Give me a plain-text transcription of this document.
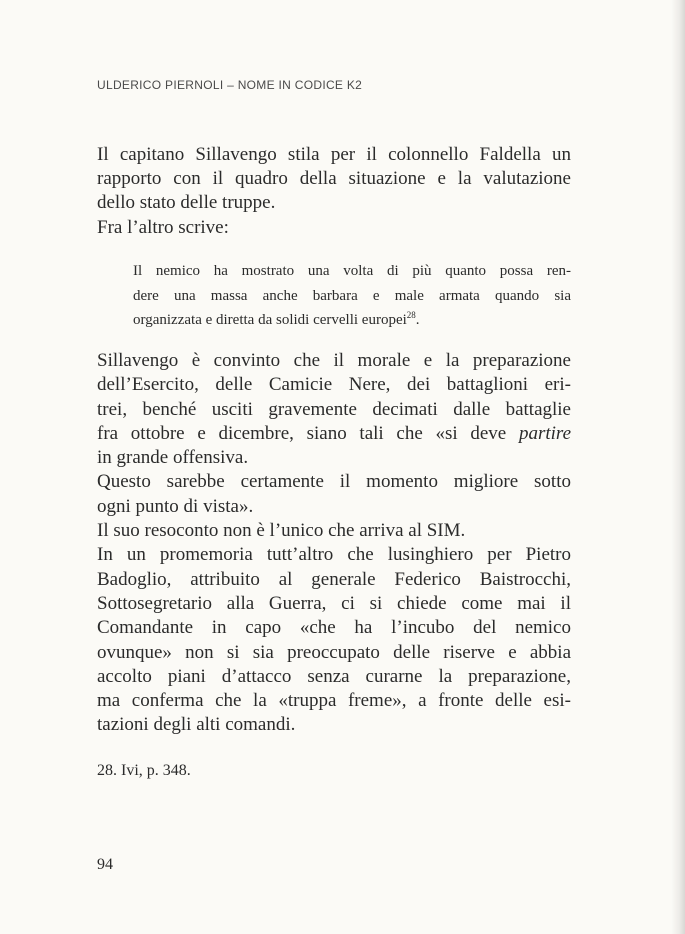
ULDERICO PIERNOLI – NOME IN CODICE K2
Il capitano Sillavengo stila per il colonnello Faldella un
rapporto con il quadro della situazione e la valutazione
dello stato delle truppe.
Fra l’altro scrive:
Il nemico ha mostrato una volta di più quanto possa ren-
dere una massa anche barbara e male armata quando sia
organizzata e diretta da solidi cervelli europei$^{28}$.
Sillavengo è convinto che il morale e la preparazione
dell’Esercito, delle Camicie Nere, dei battaglioni eri-
trei, benché usciti gravemente decimati dalle battaglie
fra ottobre e dicembre, siano tali che «si deve partire
in grande offensiva.
Questo sarebbe certamente il momento migliore sotto
ogni punto di vista».
Il suo resoconto non è l’unico che arriva al SIM.
In un promemoria tutt’altro che lusinghiero per Pietro
Badoglio, attribuito al generale Federico Baistrocchi,
Sottosegretario alla Guerra, ci si chiede come mai il
Comandante in capo «che ha l’incubo del nemico
ovunque» non si sia preoccupato delle riserve e abbia
accolto piani d’attacco senza curarne la preparazione,
ma conferma che la «truppa freme», a fronte delle esi-
tazioni degli alti comandi.
28. Ivi, p. 348.
94
